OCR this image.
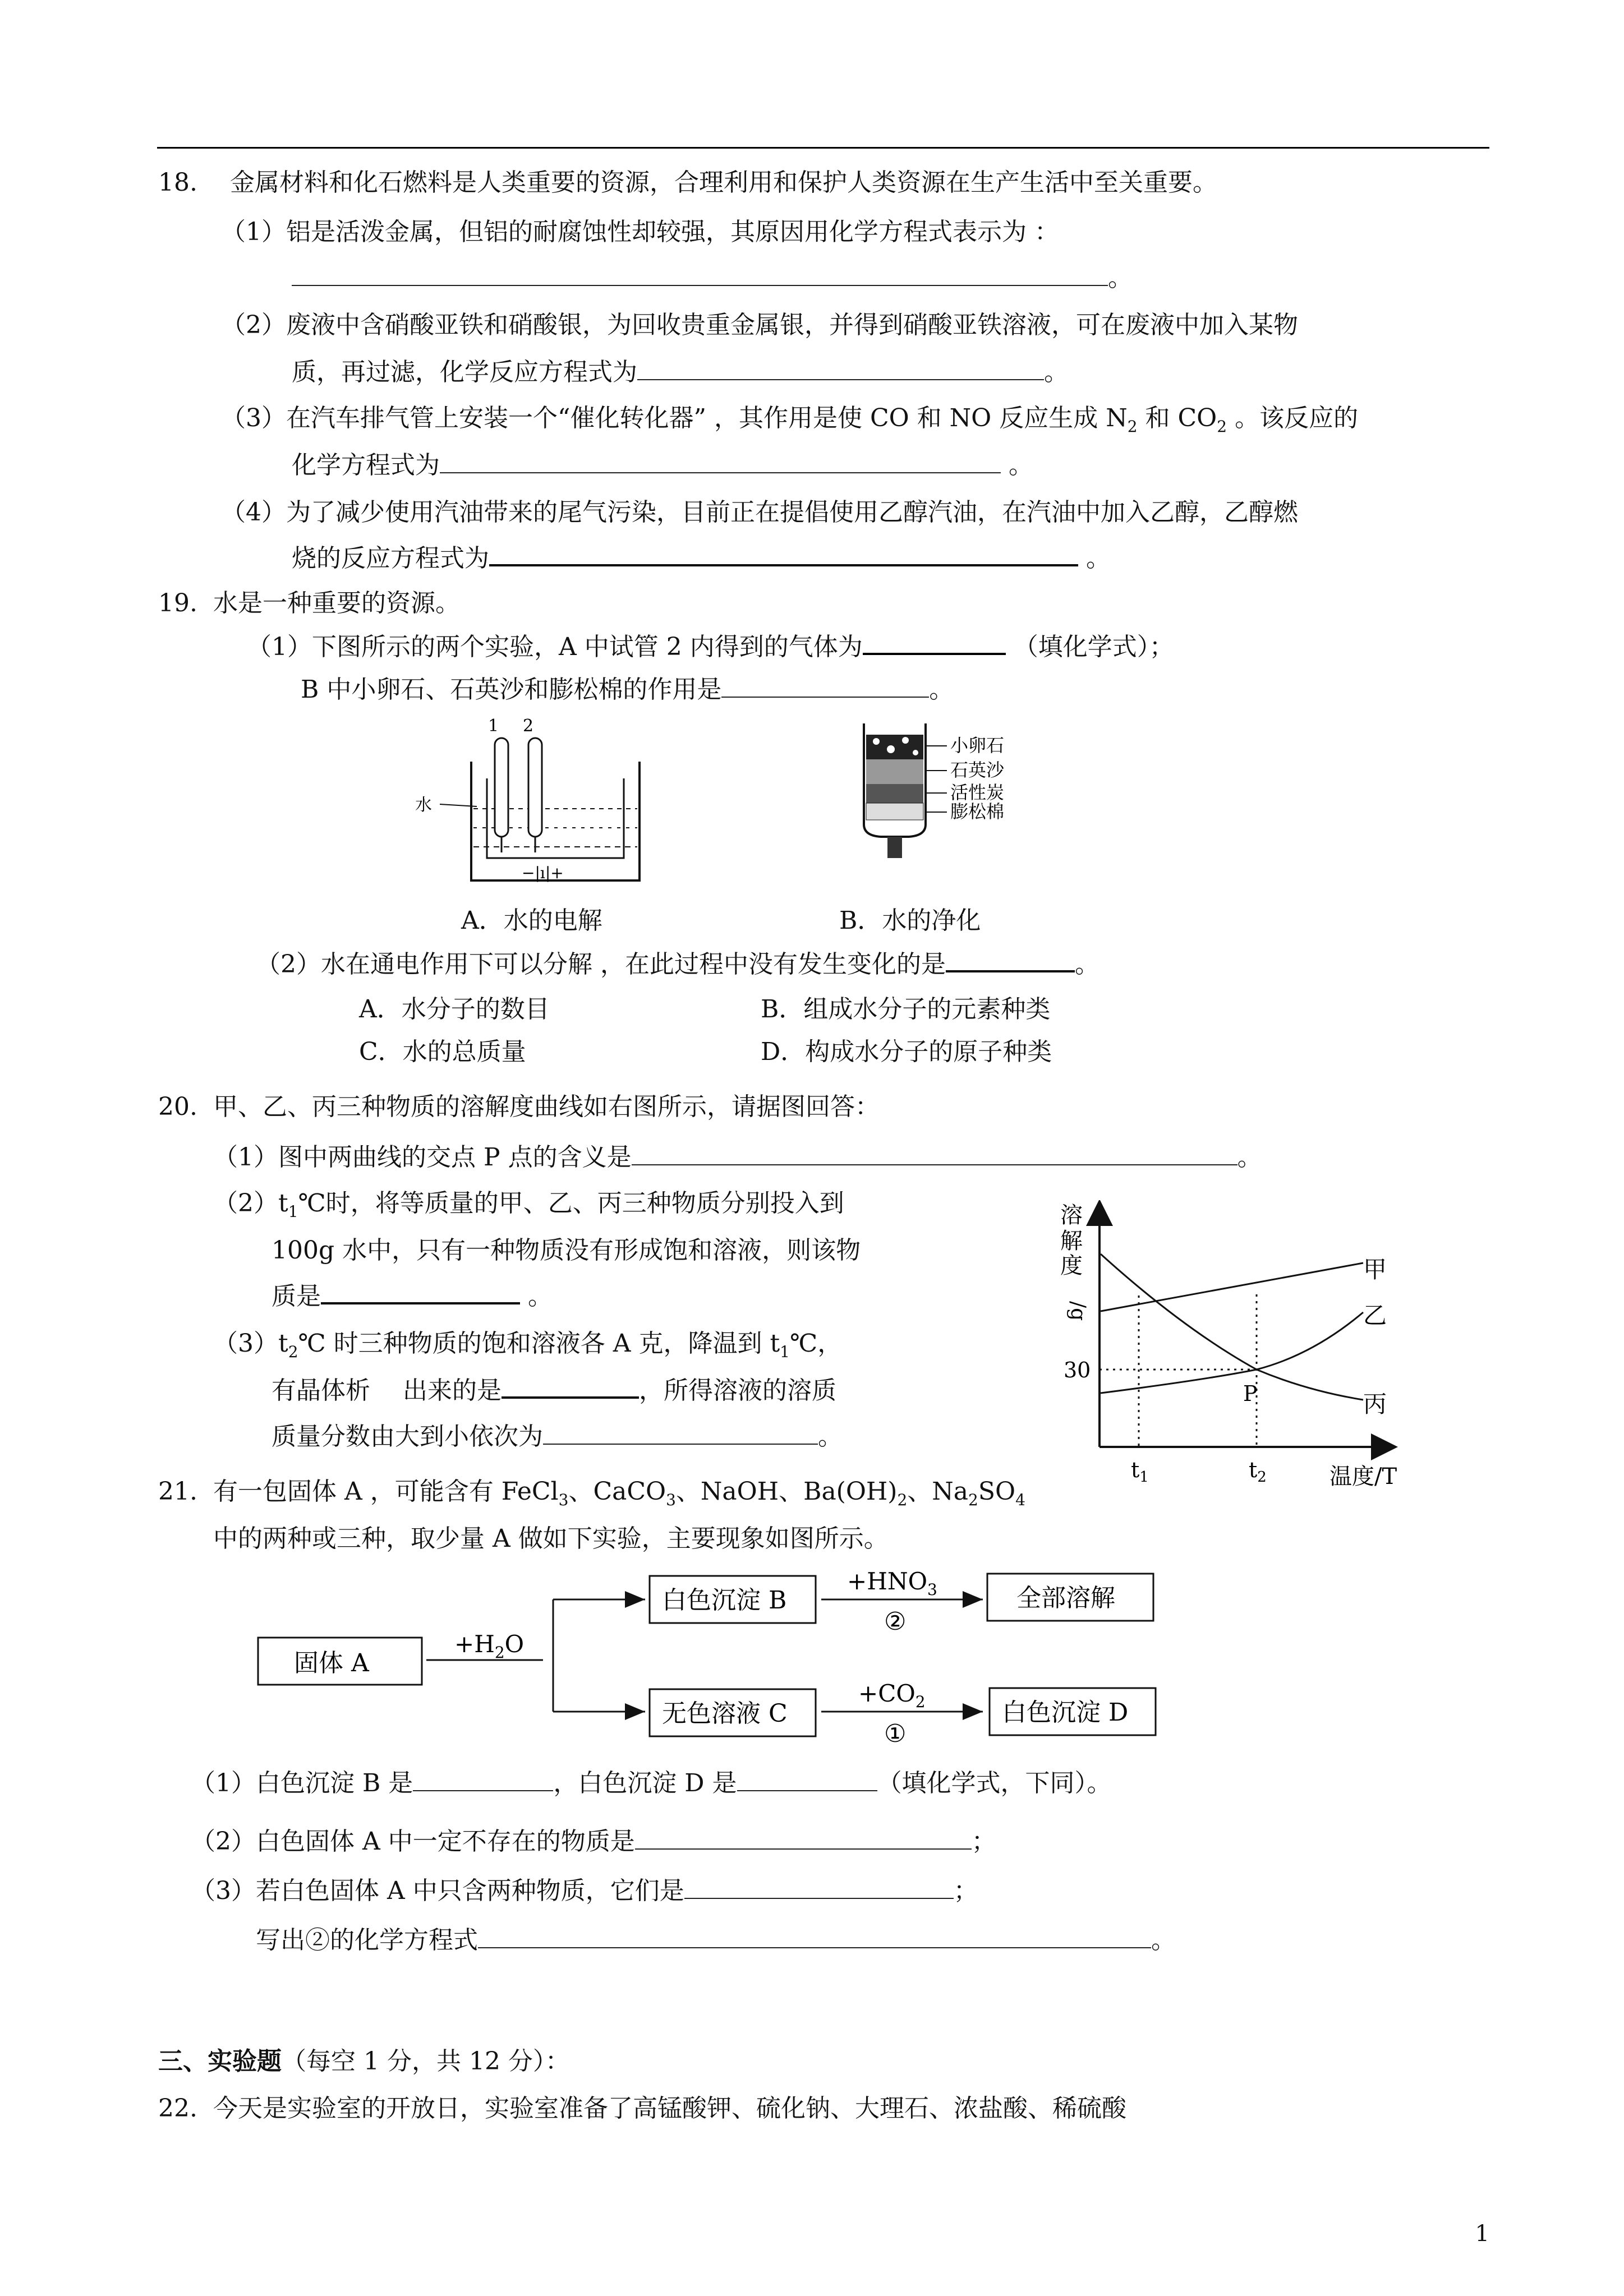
18. 金属材料和化石燃料是人类重要的资源，合理利用和保护人类资源在生产生活中至关重要。
（1）铝是活泼金属，但铝的耐腐蚀性却较强，其原因用化学方程式表示为 ：
。
（2）废液中含硝酸亚铁和硝酸银，为回收贵重金属银，并得到硝酸亚铁溶液，可在废液中加入某物
质，再过滤，化学反应方程式为	。
（3）在汽车排气管上安装一个“催化转化器” ，其作用是使 CO 和 NO 反应生成 $N_2$ 和 $CO_2$ 。该反应的
化学方程式为	。
（4）为了减少使用汽油带来的尾气污染，目前正在提倡使用乙醇汽油，在汽油中加入乙醇，乙醇燃
烧的反应方程式为	。
19. 水是一种重要的资源。
（1）下图所示的两个实验，A 中试管 2 内得到的气体为	（填化学式）；
B 中小卵石、石英沙和膨松棉的作用是	。
1 2
水
−|ı|+
A．水的电解
小卵石
石英沙
活性炭
膨松棉
B．水的净化
（2）水在通电作用下可以分解 ，在此过程中没有发生变化的是	。
A．水分子的数目	B．组成水分子的元素种类
C．水的总质量	D．构成水分子的原子种类
20. 甲、乙、丙三种物质的溶解度曲线如右图所示，请据图回答：
（1）图中两曲线的交点 P 点的含义是	。
$(2)t_1℃$时，将等质量的甲、乙、丙三种物质分别投入到
100g 水中，只有一种物质没有形成饱和溶液，则该物
质是	。
$(3)t_2℃$ 时三种物质的饱和溶液各 A 克，降温到 $t_1℃$，
有晶体析　 出来的是	，所得溶液的溶质
质量分数由大到小依次为	。
溶
解
度
/g
30
P
$t_1$	$t_2$	温度/T
甲
乙
丙
21. 有一包固体 A ，可能含有 FeCl$_3$、CaCO$_3$、NaOH、$Ba(OH)_2$、$Na_2SO_4$
中的两种或三种，取少量 A 做如下实验，主要现象如图所示。
固体 A
$+H_2O$
白色沉淀 B
无色溶液 C
$+HNO_3$
②
$+CO_2$
①
全部溶解
白色沉淀 D
（1）白色沉淀 B 是	，白色沉淀 D 是	（填化学式，下同）。
（2）白色固体 A 中一定不存在的物质是	；
（3）若白色固体 A 中只含两种物质，它们是	；
写出②的化学方程式	。
三、实验题（每空 1 分，共 12 分）：
22. 今天是实验室的开放日，实验室准备了高锰酸钾、硫化钠、大理石、浓盐酸、稀硫酸
1
